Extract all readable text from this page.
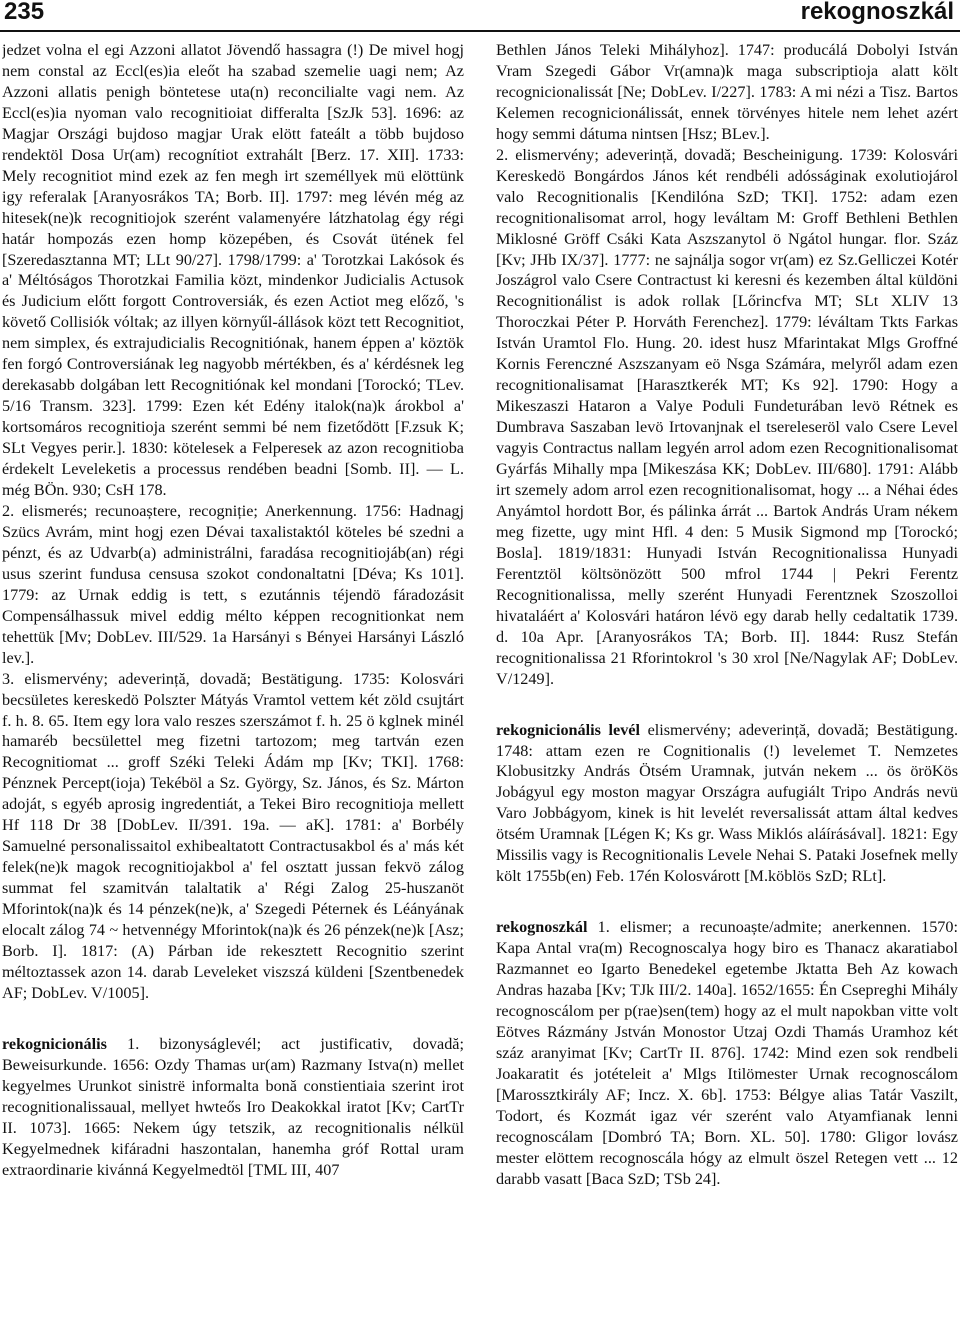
235	rekognoszkál

jedzet volna el egi Azzoni allatot Jövendő hassagra (!) De mivel hogj nem constal az Eccl(es)ia eleőt ha szabad szemelie uagi nem; Az Azzoni allatis penigh böntetese uta(n) reconcilialte vagi nem. Az Eccl(es)ia nyoman valo recognitioiat differalta [SzJk 53]. 1696: az Magjar Országi bujdoso magjar Urak elött fateált a több bujdoso rendektöl Dosa Ur(am) recognítiot extrahált [Berz. 17. XII]. 1733: Mely recognitiot mind ezek az fen megh irt személlyek mü elöttünk igy referalak [Aranyosrákos TA; Borb. II]. 1797: meg lévén még az hitesek(ne)k recognitiojok szerént valamenyére látzhatolag égy régi határ hompozás ezen homp közepében, és Csovát ütének fel [Szeredasztanna MT; LLt 90/27]. 1798/1799: a' Torotzkai Lakósok és a' Méltóságos Thorotzkai Familia közt, mindenkor Judicialis Actusok és Judicium előtt forgott Controversiák, és ezen Actiot meg előző, 's követő Collisiók vóltak; az illyen környűl-állások közt tett Recognitiot, nem simplex, és extrajudicialis Recognitiónak, hanem éppen a' köztök fen forgó Controversiának leg nagyobb mértékben, és a' kérdésnek leg derekasabb dolgában lett Recognitiónak kel mondani [Torockó; TLev. 5/16 Transm. 323]. 1799: Ezen két Edény italok(na)k árokbol a' kortsomáros recognitioja szerént semmi bé nem fizetődött [F.zsuk K; SLt Vegyes perir.]. 1830: kötelesek a Felperesek az azon recognitioba érdekelt Leveleketis a processus rendében beadni [Somb. II]. — L. még BÖn. 930; CsH 178.

2. elismerés; recunoaștere, recogniție; Anerkennung. 1756: Hadnagj Szücs Avrám, mint hogj ezen Dévai taxalistaktól köteles bé szedni a pénzt, és az Udvarb(a) administrálni, faradása recognitiojáb(an) régi usus szerint fundusa censusa szokot condonaltatni [Déva; Ks 101]. 1779: az Urnak eddig is tett, s ezutánnis téjendö fáradozásit Compensálhassuk mivel eddig mélto képpen recognitionkat nem tehettük [Mv; DobLev. III/529. 1a Harsányi s Bényei Harsányi László lev.].

3. elismervény; adeverință, dovadă; Bestätigung. 1735: Kolosvári becsületes kereskedö Polszter Mátyás Vramtol vettem két zöld csujtárt f. h. 8. 65. Item egy lora valo reszes szerszámot f. h. 25 ö kglnek minél hamaréb becsülettel meg fizetni tartozom; meg tartván ezen Recognitiomat ... groff Széki Teleki Ádám mp [Kv; TKI]. 1768: Pénznek Percept(ioja) Tekéböl a Sz. György, Sz. János, és Sz. Márton adoját, s egyéb aprosig ingredentiát, a Tekei Biro recognitioja mellett Hf 118 Dr 38 [DobLev. II/391. 19a. — aK]. 1781: a' Borbély Samuelné personalissaitol exhibealtatott Contractusakbol és a' más két felek(ne)k magok recognitiojakbol a' fel osztatt jussan fekvö zálog summat fel szamitván talaltatik a' Régi Zalog 25-huszanöt Mforintok(na)k és 14 pénzek(ne)k, a' Szegedi Péternek és Léányának elocalt zálog 74 ~ hetvennégy Mforintok(na)k és 26 pénzek(ne)k [Asz; Borb. I]. 1817: (A) Párban ide rekesztett Recognitio szerint méltoztassek azon 14. darab Leveleket viszszá küldeni [Szentbenedek AF; DobLev. V/1005].

rekognicionális 1. bizonyságlevél; act justificativ, dovadă; Beweisurkunde. 1656: Ozdy Thamas ur(am) Razmany Istva(n) mellet kegyelmes Urunkot sinistrë informalta bonă constientiaia szerint irot recognitionalissaual, mellyet hwteős Iro Deakokkal iratot [Kv; CartTr II. 1073]. 1665: Nekem úgy tetszik, az recognitionalis nélkül Kegyelmednek kifáradni haszontalan, hanemha gróf Rottal uram extraordinarie kivánná Kegyelmedtöl [TML III, 407

Bethlen János Teleki Mihályhoz]. 1747: producálá Dobolyi István Vram Szegedi Gábor Vr(amna)k maga subscriptioja alatt költ recognicionalissát [Ne; DobLev. I/227]. 1783: A mi nézi a Tisz. Bartos Kelemen recognicionálissát, ennek törvényes hitele nem lehet azért hogy semmi dátuma nintsen [Hsz; BLev.].

2. elismervény; adeverință, dovadă; Bescheinigung. 1739: Kolosvári Kereskedö Bongárdos János két rendbéli adósságinak exolutiojárol valo Recognitionalis [Kendilóna SzD; TKI]. 1752: adam ezen recognitionalisomat arrol, hogy leváltam M: Groff Bethleni Bethlen Miklosné Gröff Csáki Kata Aszszanytol ö Ngátol hungar. flor. Száz [Kv; JHb IX/37]. 1777: ne sajnálja sogor vr(am) ez Sz.Gelliczei Kotér Joszágrol valo Csere Contractust ki keresni és kezemben által küldöni Recognitionálist is adok rollak [Lőrincfva MT; SLt XLIV 13 Thoroczkai Péter P. Horváth Ferenchez]. 1779: léváltam Tkts Farkas István Uramtol Flo. Hung. 20. idest husz Mfarintakat Mlgs Groffné Kornis Ferenczné Aszszanyam eö Nsga Számára, melyről adam ezen recognitionalisamat [Harasztkerék MT; Ks 92]. 1790: Hogy a Mikeszaszi Hataron a Valye Poduli Fundeturában levö Rétnek es Dumbrava Saszaban levö Irtovanjnak el tsereleseröl valo Csere Level vagyis Contractus nallam legyén arrol adom ezen Recognitionalisomat Gyárfás Mihally mpa [Mikeszása KK; DobLev. III/680]. 1791: Alább irt szemely adom arrol ezen recognitionalisomat, hogy ... a Néhai édes Anyámtol hordott Bor, és pálinka árrát ... Bartok András Uram nékem meg fizette, ugy mint Hfl. 4 den: 5 Musik Sigmond mp [Torockó; Bosla]. 1819/1831: Hunyadi István Recognitionalissa Hunyadi Ferentztöl költsönözött 500 mfrol 1744 | Pekri Ferentz Recognitionalissa, melly szerént Hunyadi Ferentznek Szoszolloi hivataláért a' Kolosvári határon lévö egy darab helly cedaltatik 1739. d. 10a Apr. [Aranyosrákos TA; Borb. II]. 1844: Rusz Stefán recognitionalissa 21 Rforintokrol 's 30 xrol [Ne/Nagylak AF; DobLev. V/1249].

rekognicionális levél elismervény; adeverință, dovadă; Bestätigung. 1748: attam ezen re Cognitionalis (!) levelemet T. Nemzetes Klobusitzky András Ötsém Uramnak, jutván nekem ... ös öröKös Jobágyul egy moston magyar Országra aufugiált Tripo András nevü Varo Jobbágyom, kinek is hit levelét reversalissát attam által kedves ötsém Uramnak [Légen K; Ks gr. Wass Miklós aláírásával]. 1821: Egy Missilis vagy is Recognitionalis Levele Nehai S. Pataki Josefnek melly költ 1755b(en) Feb. 17én Kolosvárott [M.köblös SzD; RLt].

rekognoszkál 1. elismer; a recunoaște/admite; anerkennen. 1570: Kapa Antal vra(m) Recognoscalya hogy biro es Thanacz akaratiabol Razmannet eo Igarto Benedekel egetembe Jktatta Beh Az kowach Andras hazaba [Kv; TJk III/2. 140a]. 1652/1655: Én Csepreghi Mihály recognoscálom per p(rae)sen(tem) hogy az el mult napokban vitte volt Eötves Rázmány Jstván Monostor Utzaj Ozdi Thamás Uramhoz két száz aranyimat [Kv; CartTr II. 876]. 1742: Mind ezen sok rendbeli Joakaratit és jotételeit a' Mlgs Itilömester Urnak recognoscálom [Marossztkirály AF; Incz. X. 6b]. 1753: Bélgye alias Tatár Vaszilt, Todort, és Kozmát igaz vér szerént valo Atyamfianak lenni recognoscálam [Dombró TA; Born. XL. 50]. 1780: Gligor lovász mester elöttem recognoscála hógy az elmult öszel Retegen vett ... 12 darabb vasatt [Baca SzD; TSb 24].
